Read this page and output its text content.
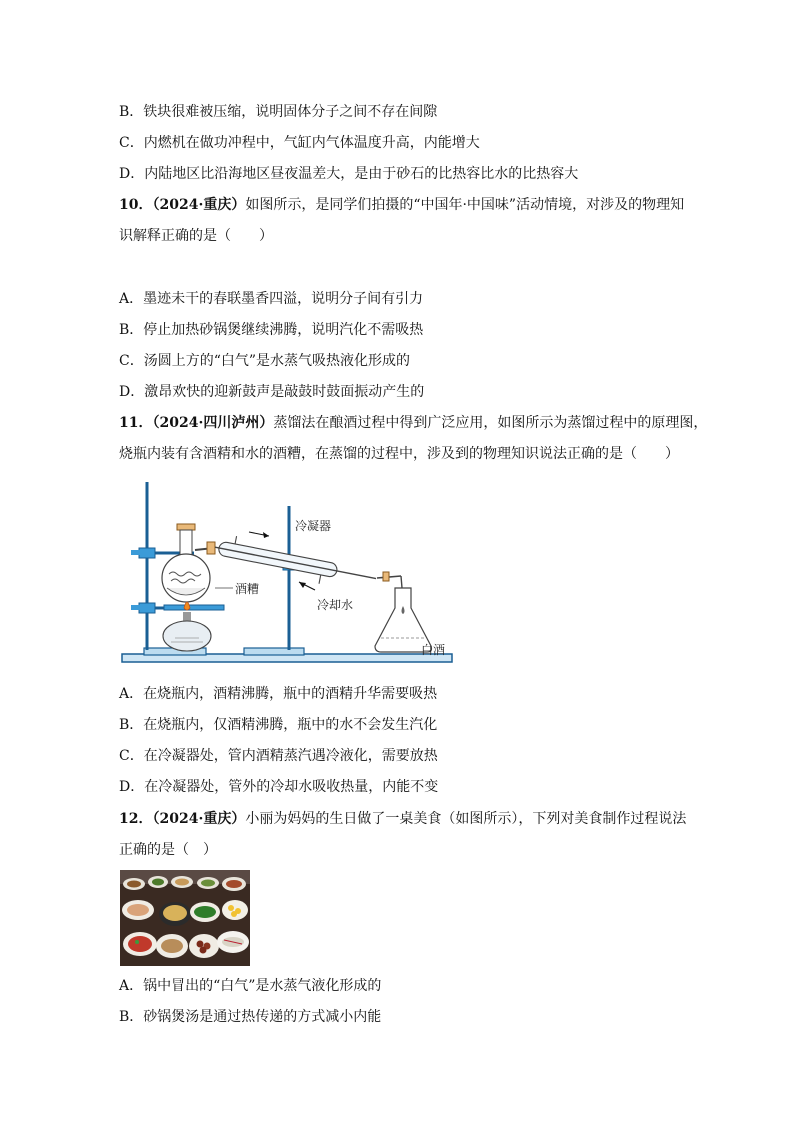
B．铁块很难被压缩，说明固体分子之间不存在间隙
C．内燃机在做功冲程中，气缸内气体温度升高，内能增大
D．内陆地区比沿海地区昼夜温差大，是由于砂石的比热容比水的比热容大
10．（2024·重庆）如图所示，是同学们拍摄的“中国年·中国味”活动情境，对涉及的物理知
识解释正确的是（　　）
A．墨迹未干的春联墨香四溢，说明分子间有引力
B．停止加热砂锅煲继续沸腾，说明汽化不需吸热
C．汤圆上方的“白气”是水蒸气吸热液化形成的
D．激昂欢快的迎新鼓声是敲鼓时鼓面振动产生的
11．（2024·四川泸州）蒸馏法在酿酒过程中得到广泛应用，如图所示为蒸馏过程中的原理图，
烧瓶内装有含酒精和水的酒糟，在蒸馏的过程中，涉及到的物理知识说法正确的是（　　）
冷凝器
酒糟
冷却水
白酒
A．在烧瓶内，酒精沸腾，瓶中的酒精升华需要吸热
B．在烧瓶内，仅酒精沸腾，瓶中的水不会发生汽化
C．在冷凝器处，管内酒精蒸汽遇冷液化，需要放热
D．在冷凝器处，管外的冷却水吸收热量，内能不变
12．（2024·重庆）小丽为妈妈的生日做了一桌美食（如图所示），下列对美食制作过程说法
正确的是（　）
A．锅中冒出的“白气”是水蒸气液化形成的
B．砂锅煲汤是通过热传递的方式减小内能
